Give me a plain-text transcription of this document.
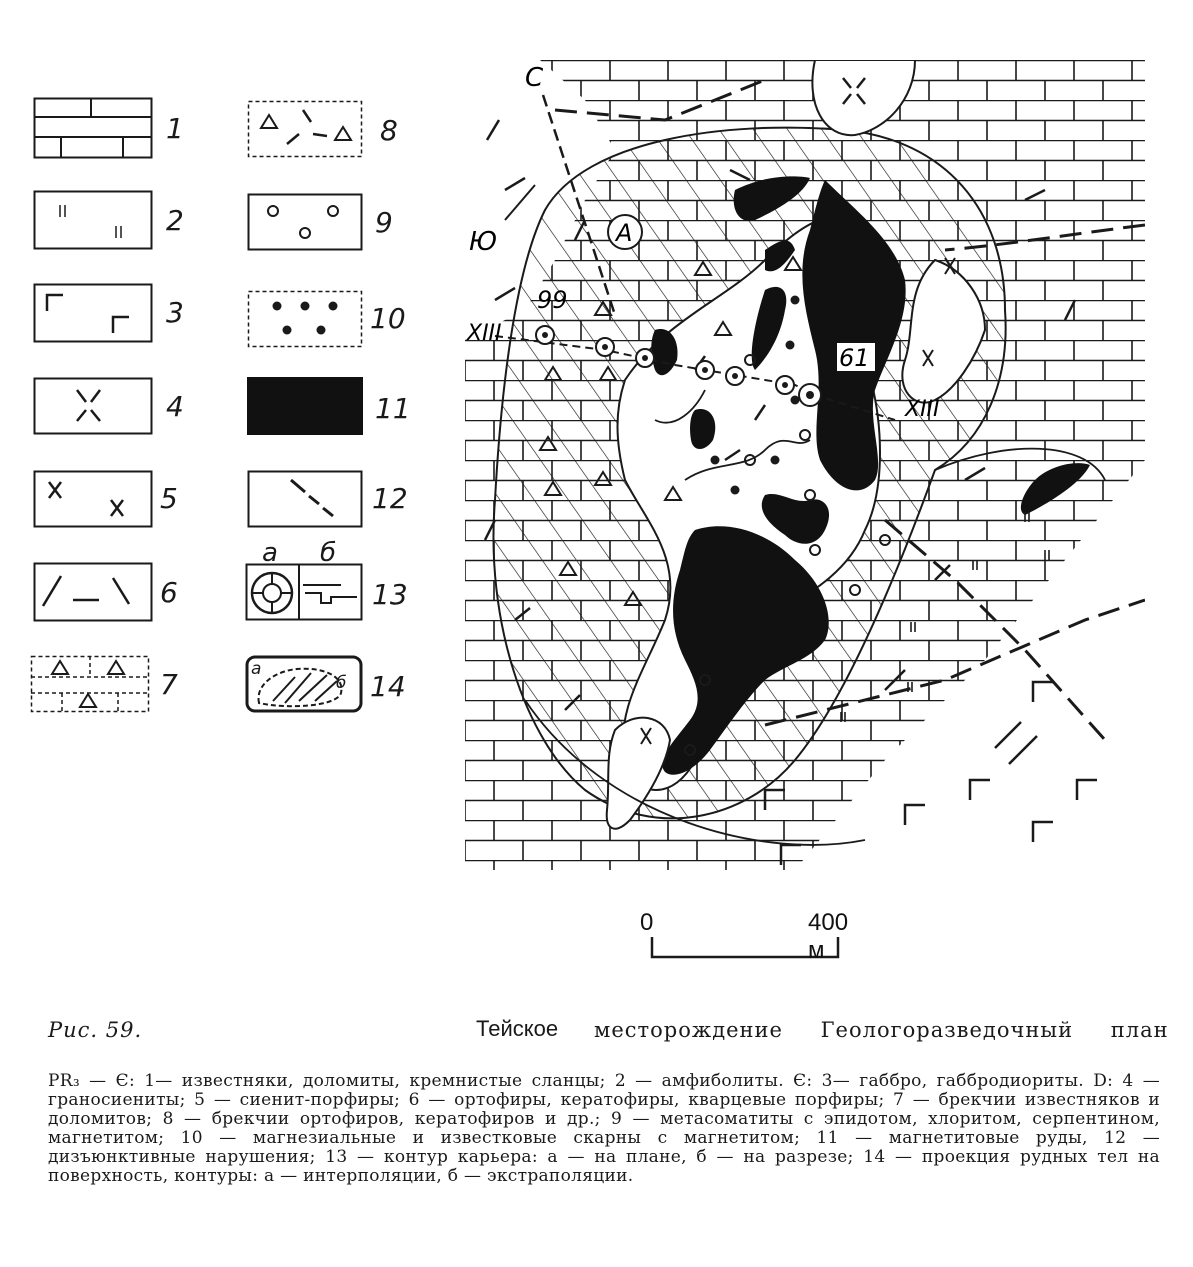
1
2
3
4
5
6
7
8
9
10
11
12
а б
13
а
б 14
С
Ю	А
99
61
XIII
XIII
0	400 м
Рис. 59.	Тейское месторождение Геологоразведочный план
PR₃ — Є: 1— известняки, доломиты, кремнистые сланцы; 2 — амфиболиты. Є: 3— габбро, габбродиориты. D: 4 — граносиениты; 5 — сиенит-порфиры; 6 — ортофиры, кератофиры, кварцевые порфиры; 7 — брекчии известняков и доломитов; 8 — брекчии ортофиров, кератофиров и др.; 9 — метасоматиты с эпидотом, хлоритом, серпентином, магнетитом; 10 — магнезиальные и известковые скарны с магнетитом; 11 — магнетитовые руды, 12 — дизъюнктивные нарушения; 13 — контур карьера: а — на плане, б — на разрезе; 14 — проекция рудных тел на поверхность, контуры: а — интерполяции, б — экстраполяции.
